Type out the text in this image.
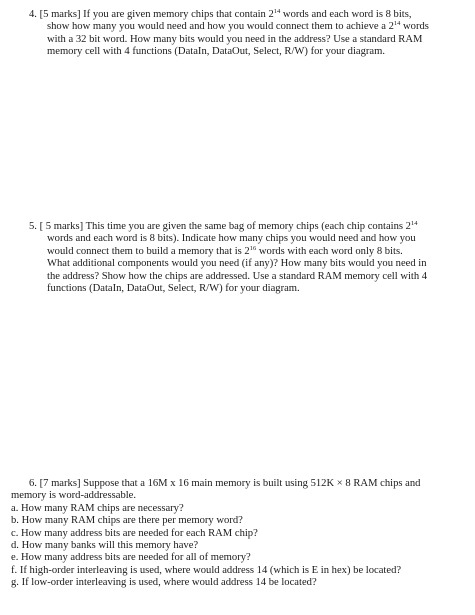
4. [5 marks] If you are given memory chips that contain $2^{14}$ words and each word is 8 bits,
show how many you would need and how you would connect them to achieve a $2^{14}$ words
with a 32 bit word. How many bits would you need in the address? Use a standard RAM
memory cell with 4 functions (DataIn, DataOut, Select, R/W) for your diagram.
5. [ 5 marks] This time you are given the same bag of memory chips (each chip contains $2^{14}$
words and each word is 8 bits). Indicate how many chips you would need and how you
would connect them to build a memory that is $2^{16}$ words with each word only 8 bits.
What additional components would you need (if any)? How many bits would you need in
the address? Show how the chips are addressed. Use a standard RAM memory cell with 4
functions (DataIn, DataOut, Select, R/W) for your diagram.
6. [7 marks] Suppose that a 16M x 16 main memory is built using 512K × 8 RAM chips and
memory is word-addressable.
a. How many RAM chips are necessary?
b. How many RAM chips are there per memory word?
c. How many address bits are needed for each RAM chip?
d. How many banks will this memory have?
e. How many address bits are needed for all of memory?
f. If high-order interleaving is used, where would address 14 (which is E in hex) be located?
g. If low-order interleaving is used, where would address 14 be located?
